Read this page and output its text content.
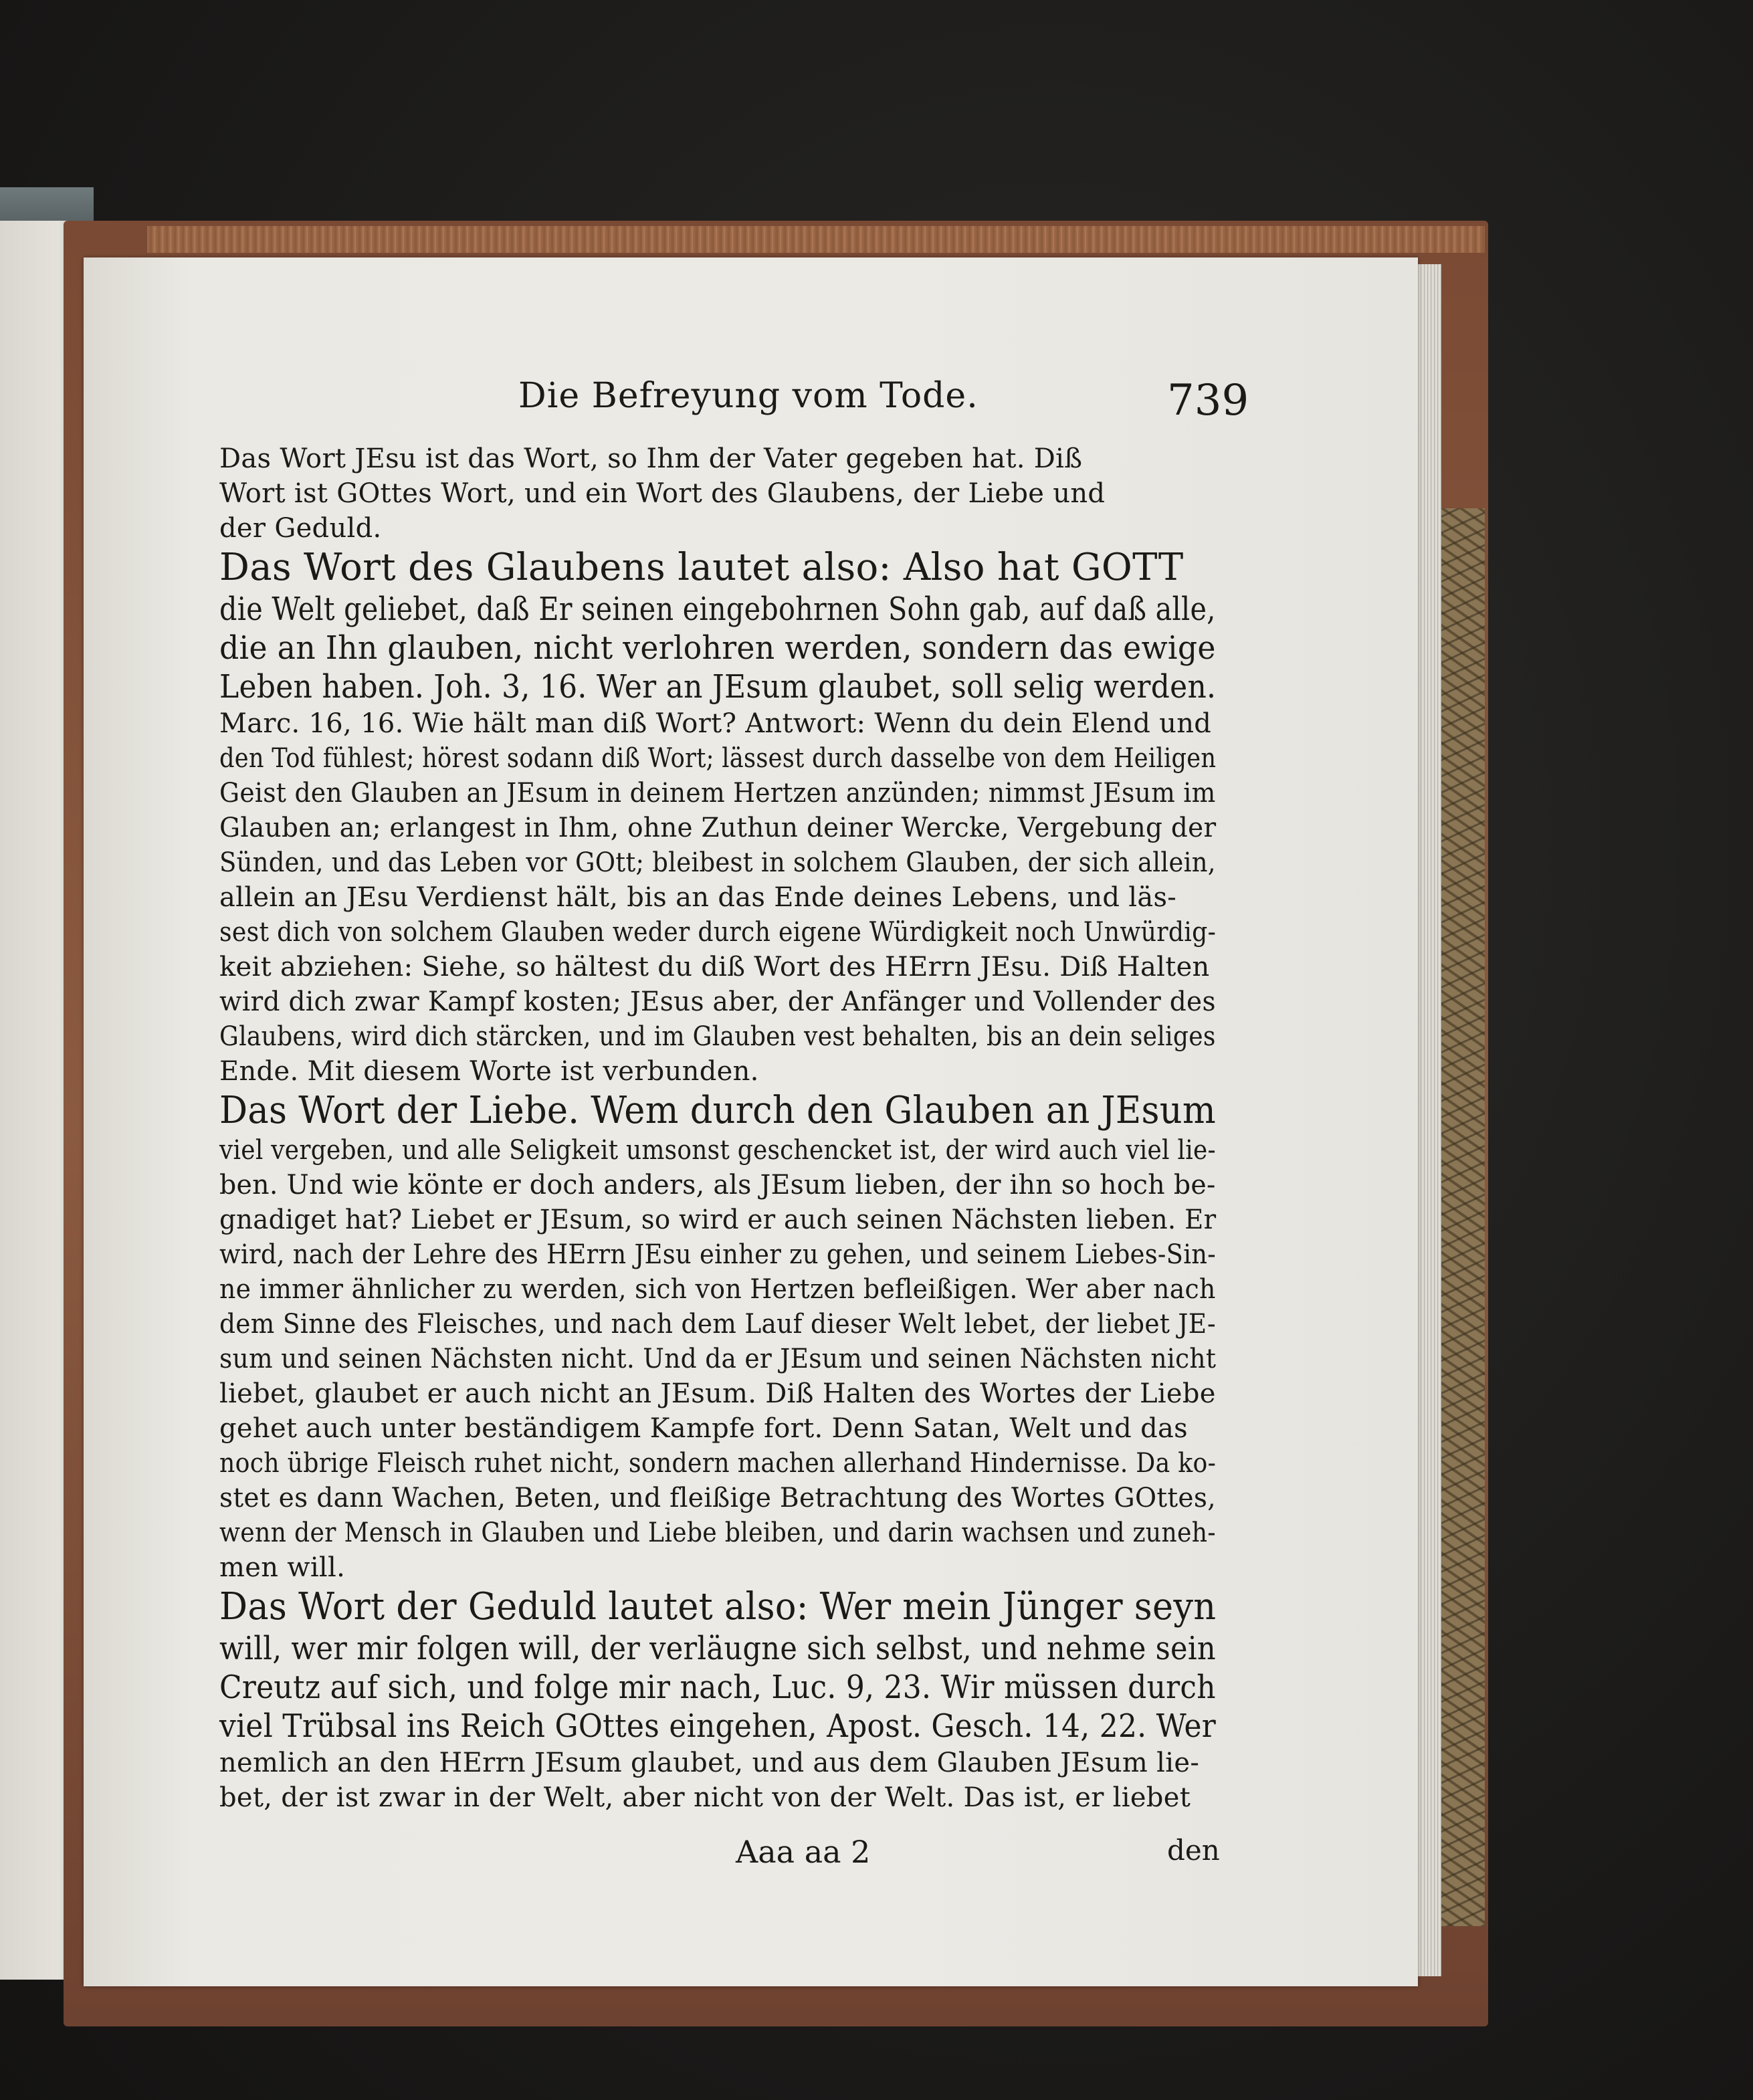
Die Befreyung vom Tode.	739
Das Wort JEsu ist das Wort, so Ihm der Vater gegeben hat. Diß
Wort ist GOttes Wort, und ein Wort des Glaubens, der Liebe und
der Geduld.
Das Wort des Glaubens lautet also: Also hat GOTT
die Welt geliebet, daß Er seinen eingebohrnen Sohn gab, auf daß alle,
die an Ihn glauben, nicht verlohren werden, sondern das ewige
Leben haben. Joh. 3, 16. Wer an JEsum glaubet, soll selig werden.
Marc. 16, 16. Wie hält man diß Wort? Antwort: Wenn du dein Elend und
den Tod fühlest; hörest sodann diß Wort; lässest durch dasselbe von dem Heiligen
Geist den Glauben an JEsum in deinem Hertzen anzünden; nimmst JEsum im
Glauben an; erlangest in Ihm, ohne Zuthun deiner Wercke, Vergebung der
Sünden, und das Leben vor GOtt; bleibest in solchem Glauben, der sich allein,
allein an JEsu Verdienst hält, bis an das Ende deines Lebens, und läs-
sest dich von solchem Glauben weder durch eigene Würdigkeit noch Unwürdig-
keit abziehen: Siehe, so hältest du diß Wort des HErrn JEsu. Diß Halten
wird dich zwar Kampf kosten; JEsus aber, der Anfänger und Vollender des
Glaubens, wird dich stärcken, und im Glauben vest behalten, bis an dein seliges
Ende. Mit diesem Worte ist verbunden.
Das Wort der Liebe. Wem durch den Glauben an JEsum
viel vergeben, und alle Seligkeit umsonst geschencket ist, der wird auch viel lie-
ben. Und wie könte er doch anders, als JEsum lieben, der ihn so hoch be-
gnadiget hat? Liebet er JEsum, so wird er auch seinen Nächsten lieben. Er
wird, nach der Lehre des HErrn JEsu einher zu gehen, und seinem Liebes-Sin-
ne immer ähnlicher zu werden, sich von Hertzen befleißigen. Wer aber nach
dem Sinne des Fleisches, und nach dem Lauf dieser Welt lebet, der liebet JE-
sum und seinen Nächsten nicht. Und da er JEsum und seinen Nächsten nicht
liebet, glaubet er auch nicht an JEsum. Diß Halten des Wortes der Liebe
gehet auch unter beständigem Kampfe fort. Denn Satan, Welt und das
noch übrige Fleisch ruhet nicht, sondern machen allerhand Hindernisse. Da ko-
stet es dann Wachen, Beten, und fleißige Betrachtung des Wortes GOttes,
wenn der Mensch in Glauben und Liebe bleiben, und darin wachsen und zuneh-
men will.
Das Wort der Geduld lautet also: Wer mein Jünger seyn
will, wer mir folgen will, der verläugne sich selbst, und nehme sein
Creutz auf sich, und folge mir nach, Luc. 9, 23. Wir müssen durch
viel Trübsal ins Reich GOttes eingehen, Apost. Gesch. 14, 22. Wer
nemlich an den HErrn JEsum glaubet, und aus dem Glauben JEsum lie-
bet, der ist zwar in der Welt, aber nicht von der Welt. Das ist, er liebet
Aaa aa 2	den
